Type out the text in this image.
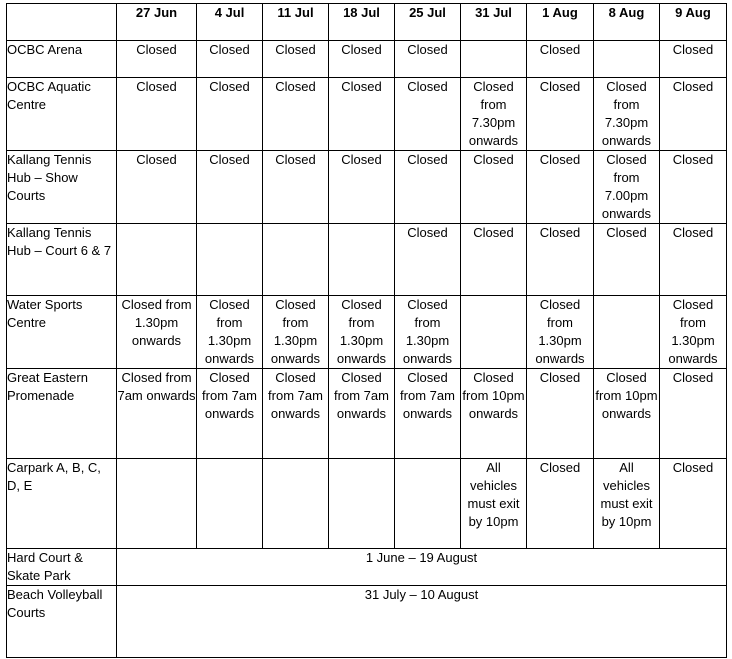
	27 Jun	4 Jul	11 Jul	18 Jul	25 Jul	31 Jul	1 Aug	8 Aug	9 Aug
OCBC Arena	Closed	Closed	Closed	Closed	Closed		Closed		Closed
OCBC Aquatic Centre	Closed	Closed	Closed	Closed	Closed	Closed from 7.30pm onwards	Closed	Closed from 7.30pm onwards	Closed
Kallang Tennis Hub – Show Courts	Closed	Closed	Closed	Closed	Closed	Closed	Closed	Closed from 7.00pm onwards	Closed
Kallang Tennis Hub – Court 6 & 7					Closed	Closed	Closed	Closed	Closed
Water Sports Centre	Closed from 1.30pm onwards	Closed from 1.30pm onwards	Closed from 1.30pm onwards	Closed from 1.30pm onwards	Closed from 1.30pm onwards		Closed from 1.30pm onwards		Closed from 1.30pm onwards
Great Eastern Promenade	Closed from 7am onwards	Closed from 7am onwards	Closed from 7am onwards	Closed from 7am onwards	Closed from 7am onwards	Closed from 10pm onwards	Closed	Closed from 10pm onwards	Closed
Carpark A, B, C, D, E						All vehicles must exit by 10pm	Closed	All vehicles must exit by 10pm	Closed
Hard Court & Skate Park	1 June – 19 August								
Beach Volleyball Courts	31 July – 10 August								
